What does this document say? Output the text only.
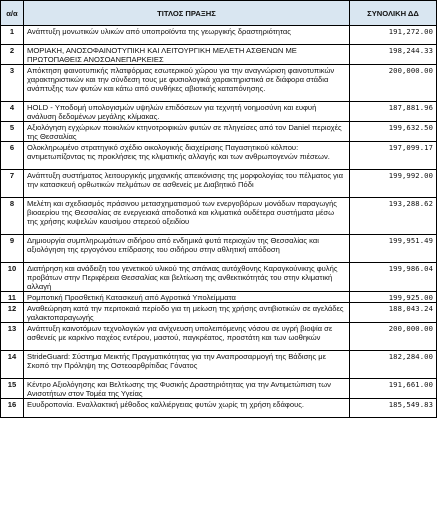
α/α	ΤΙΤΛΟΣ ΠΡΑΞΗΣ	ΣΥΝΟΛΙΚΗ ΔΔ
1	Ανάπτυξη μονωτικών υλικών από υποπροϊόντα της γεωργικής δραστηριότητας	191,272.00
2	ΜΟΡΙΑΚΗ, ΑΝΟΣΟΦΑΙΝΟΤΥΠΙΚΗ ΚΑΙ ΛΕΙΤΟΥΡΓΙΚΗ ΜΕΛΕΤΗ ΑΣΘΕΝΩΝ ΜΕ ΠΡΩΤΟΠΑΘΕΙΣ ΑΝΟΣΟΑΝΕΠΑΡΚΕΙΕΣ	198,244.33
3	Απόκτηση φαινοτυπικής πλατφόρμας εσωτερικού χώρου για την αναγνώριση φαινοτυπικών χαρακτηριστικών και την σύνδεση τους με φυσιολογικά χαρακτηριστικά σε διάφορα στάδια ανάπτυξης των φυτών και κάτω από συνθήκες αβιοτικής καταπόνησης.	200,000.00
4	HOLD - Υποδομή υπολογισμών υψηλών επιδόσεων για τεχνητή νοημοσύνη και ευφυή ανάλυση δεδομένων μεγάλης κλίμακας.	187,881.96
5	Αξιολόγηση εγχώριων ποικιλιών κτηνοτροφικών φυτών σε πληγείσες από τον Daniel περιοχές της Θεσσαλίας	199,632.50
6	Ολοκληρωμένο στρατηγικό σχέδιο οικολογικής διαχείρισης Παγασητικού κόλπου: αντιμετωπίζοντας τις προκλήσεις της κλιματικής αλλαγής και των ανθρωπογενών πιέσεων.	197,099.17
7	Ανάπτυξη συστήματος λειτουργικής μηχανικής απεικόνισης της μορφολογίας του πέλματος για την κατασκευή ορθωτικών πελμάτων σε ασθενείς με Διαβητικό Πόδι	199,992.00
8	Μελέτη και σχεδιασμός πράσινου μετασχηματισμού των ενεργοβόρων μονάδων παραγωγής βιοαερίου της Θεσσαλίας σε ενεργειακά αποδοτικά και κλιματικά ουδέτερα συστήματα μέσω της χρήσης κυψελών καυσίμου στερεού οξειδίου	193,288.62
9	Δημιουργία συμπληρωμάτων σιδήρου από ενδημικά φυτά περιοχών της Θεσσαλίας και αξιολόγηση της εργογόνου επίδρασης του σιδήρου στην αθλητική απόδοση	199,951.49
10	Διατήρηση και ανάδειξη του γενετικού υλικού της σπάνιας αυτόχθονης Καραγκούνικης φυλής προβάτων στην Περιφέρεια Θεσσαλίας και βελτίωση της ανθεκτικότητάς του στην κλιματική αλλαγή	199,986.04
11	Ρομποτική Προσθετική Κατασκευή από Αγροτικά Υπολείμματα	199,925.00
12	Αναθεώρηση κατά την περιτοκαιά περίοδο για τη μείωση της χρήσης αντιβιοτικών σε αγελάδες γαλακτοπαραγωγής	188,043.24
13	Ανάπτυξη καινοτόμων τεχνολογιών για ανίχνευση υπολειπόμενης νόσου σε υγρή βιοψία σε ασθενείς με καρκίνο παχέος εντέρου, μαστού, παγκρέατος, προστάτη και των ωοθηκών	200,000.00
14	StrideGuard: Σύστημα Μεικτής Πραγματικότητας για την Αναπροσαρμογή της Βάδισης με Σκοπό την Πρόληψη της Οστεοαρθρίτιδας Γόνατος	182,284.00
15	Κέντρο Αξιολόγησης και Βελτίωσης της Φυσικής Δραστηριότητας για την Αντιμετώπιση των Ανισοτήτων στον Τομέα της Υγείας	191,661.00
16	Ευυδροπονία. Εναλλακτική μέθοδος καλλιέργειας φυτών χωρίς τη χρήση εδάφους.	185,549.83
